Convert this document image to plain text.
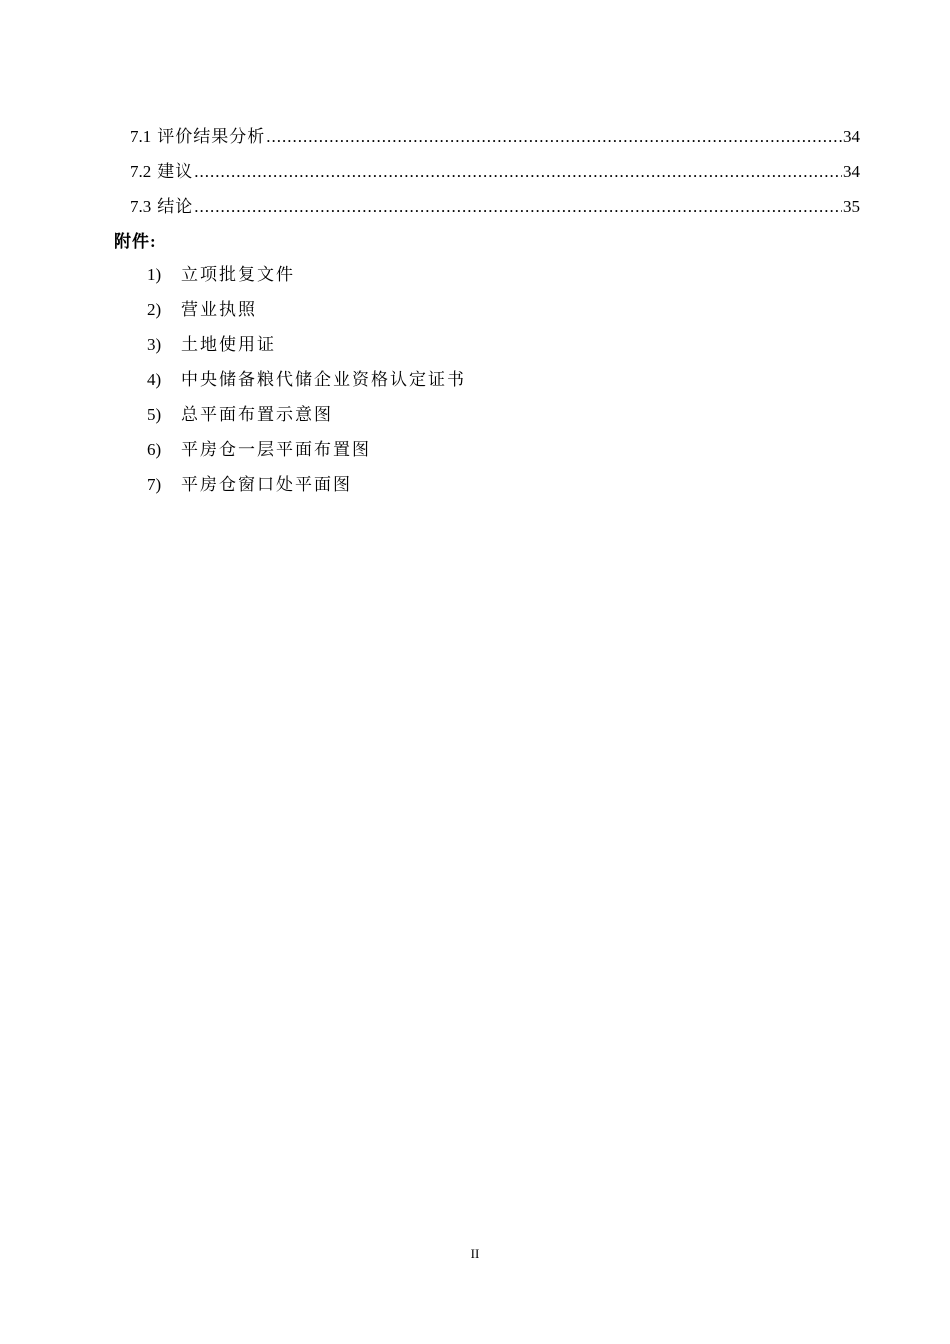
7.1 评价结果分析 .....	34
7.2 建议 .....	34
7.3 结论 .....	35
附件:
1)	立项批复文件
2)	营业执照
3)	土地使用证
4)	中央储备粮代储企业资格认定证书
5)	总平面布置示意图
6)	平房仓一层平面布置图
7)	平房仓窗口处平面图
II
